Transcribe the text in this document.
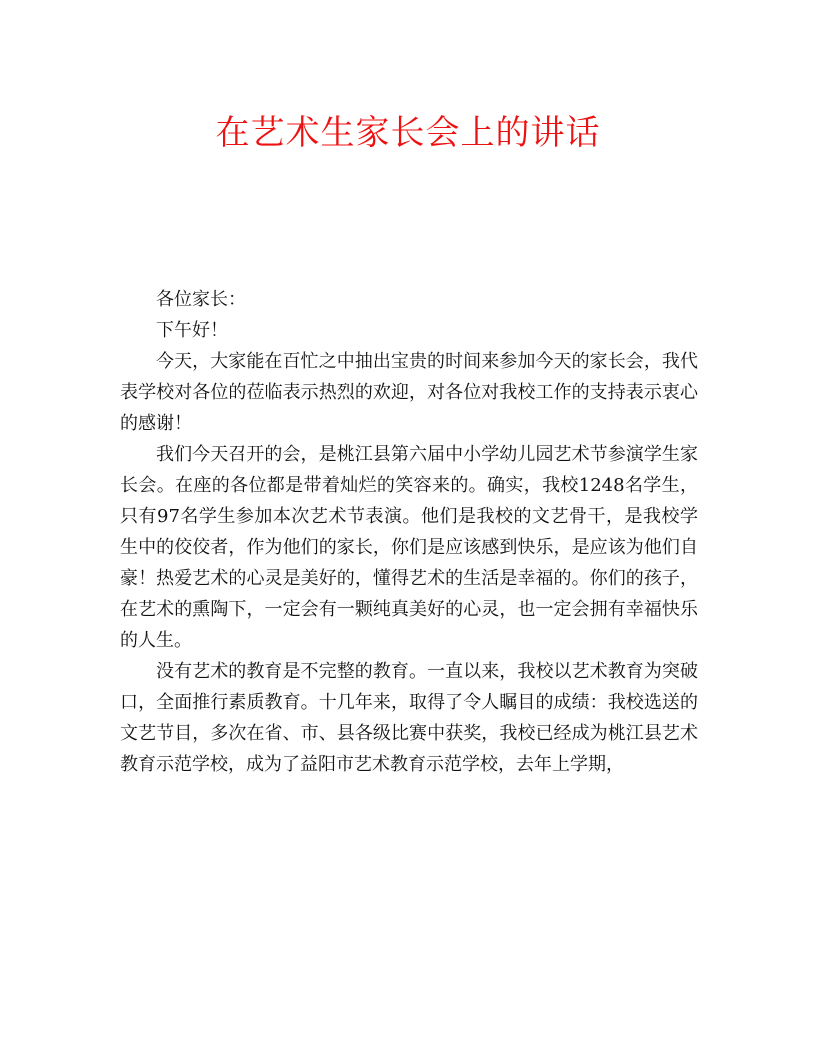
在艺术生家长会上的讲话

各位家长：

下午好！

今天，大家能在百忙之中抽出宝贵的时间来参加今天的家长会，我代表学校对各位的莅临表示热烈的欢迎，对各位对我校工作的支持表示衷心的感谢！

我们今天召开的会，是桃江县第六届中小学幼儿园艺术节参演学生家长会。在座的各位都是带着灿烂的笑容来的。确实，我校1248名学生，只有97名学生参加本次艺术节表演。他们是我校的文艺骨干，是我校学生中的佼佼者，作为他们的家长，你们是应该感到快乐，是应该为他们自豪！热爱艺术的心灵是美好的，懂得艺术的生活是幸福的。你们的孩子，在艺术的熏陶下，一定会有一颗纯真美好的心灵，也一定会拥有幸福快乐的人生。

没有艺术的教育是不完整的教育。一直以来，我校以艺术教育为突破口，全面推行素质教育。十几年来，取得了令人瞩目的成绩：我校选送的文艺节目，多次在省、市、县各级比赛中获奖，我校已经成为桃江县艺术教育示范学校，成为了益阳市艺术教育示范学校，去年上学期，
